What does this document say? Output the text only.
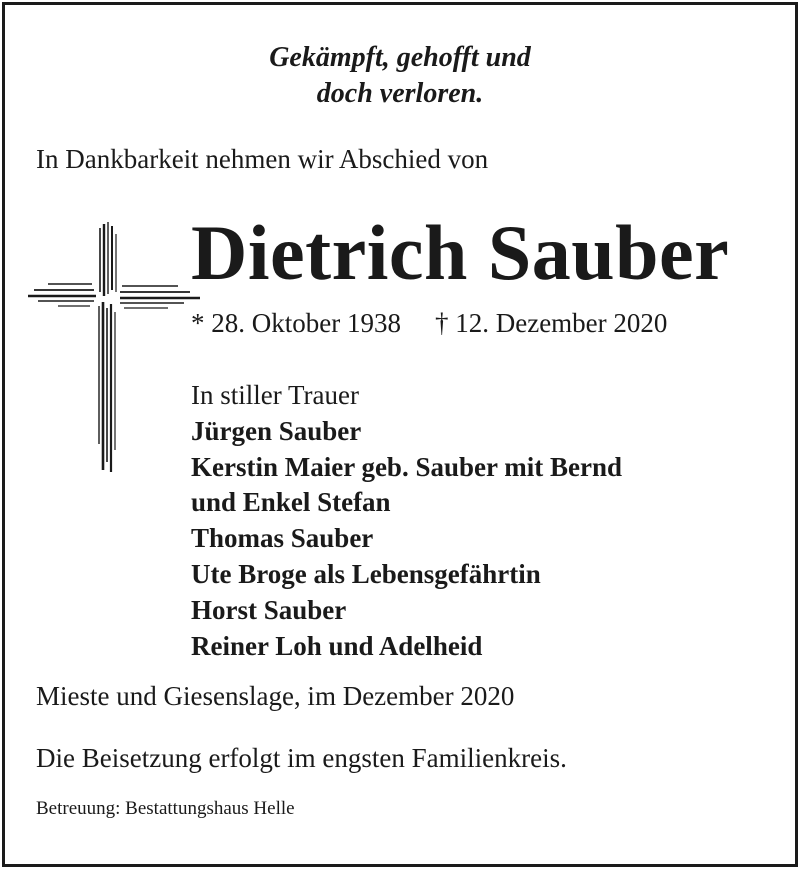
Gekämpft, gehofft und
doch verloren.
In Dankbarkeit nehmen wir Abschied von
Dietrich Sauber
* 28. Oktober 1938 † 12. Dezember 2020
In stiller Trauer
Jürgen Sauber
Kerstin Maier geb. Sauber mit Bernd
und Enkel Stefan
Thomas Sauber
Ute Broge als Lebensgefährtin
Horst Sauber
Reiner Loh und Adelheid
Mieste und Giesenslage, im Dezember 2020
Die Beisetzung erfolgt im engsten Familienkreis.
Betreuung: Bestattungshaus Helle
